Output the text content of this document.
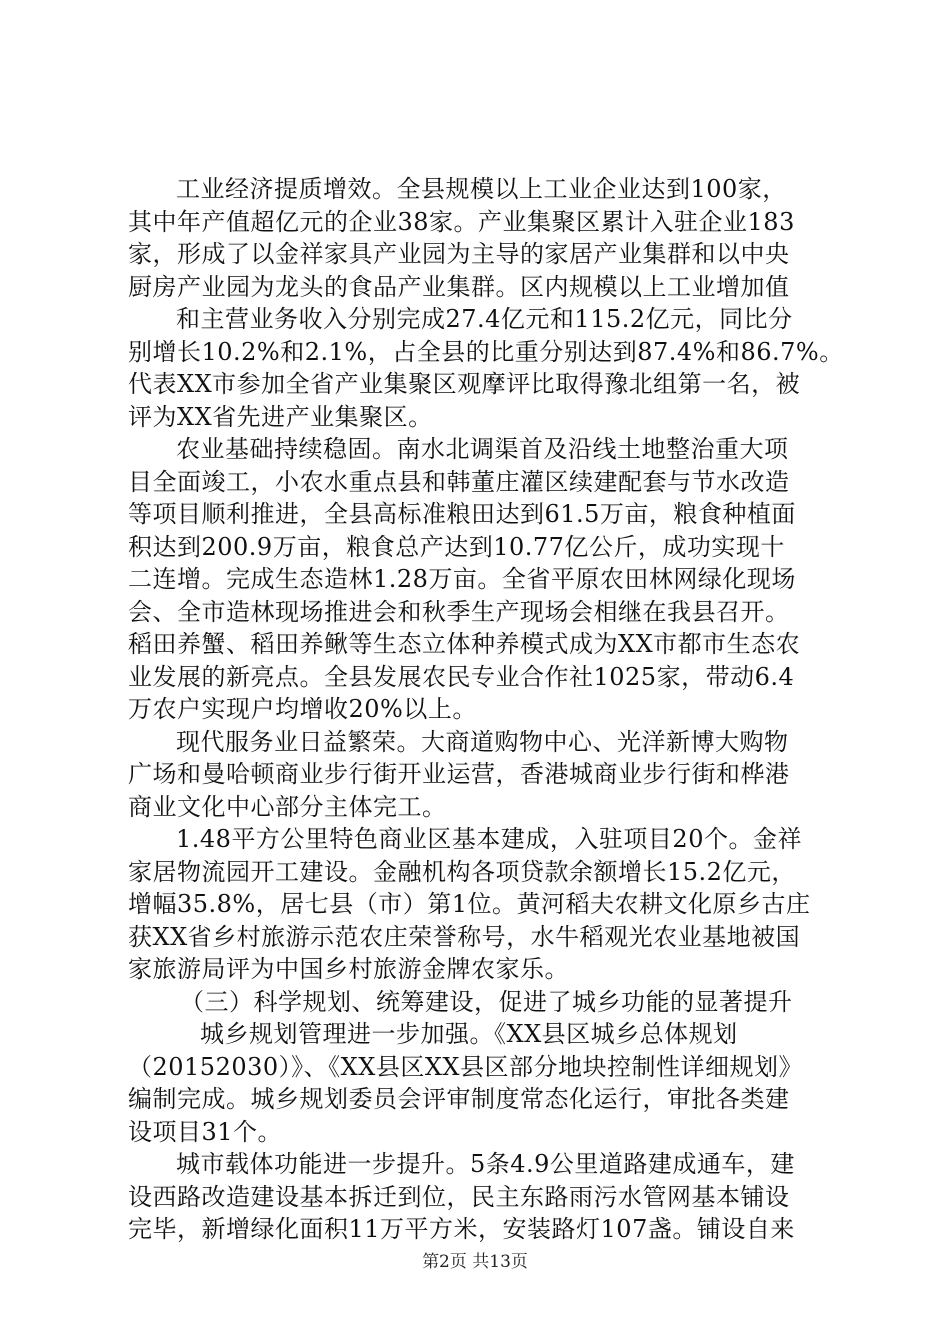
工业经济提质增效。全县规模以上工业企业达到100家，
其中年产值超亿元的企业38家。产业集聚区累计入驻企业183
家，形成了以金祥家具产业园为主导的家居产业集群和以中央
厨房产业园为龙头的食品产业集群。区内规模以上工业增加值
和主营业务收入分别完成27.4亿元和115.2亿元，同比分
别增长10.2%和2.1%，占全县的比重分别达到87.4%和86.7%。
代表XX市参加全省产业集聚区观摩评比取得豫北组第一名，被
评为XX省先进产业集聚区。
农业基础持续稳固。南水北调渠首及沿线土地整治重大项
目全面竣工，小农水重点县和韩董庄灌区续建配套与节水改造
等项目顺利推进，全县高标准粮田达到61.5万亩，粮食种植面
积达到200.9万亩，粮食总产达到10.77亿公斤，成功实现十
二连增。完成生态造林1.28万亩。全省平原农田林网绿化现场
会、全市造林现场推进会和秋季生产现场会相继在我县召开。
稻田养蟹、稻田养鳅等生态立体种养模式成为XX市都市生态农
业发展的新亮点。全县发展农民专业合作社1025家，带动6.4
万农户实现户均增收20%以上。
现代服务业日益繁荣。大商道购物中心、光洋新博大购物
广场和曼哈顿商业步行街开业运营，香港城商业步行街和桦港
商业文化中心部分主体完工。
1.48平方公里特色商业区基本建成，入驻项目20个。金祥
家居物流园开工建设。金融机构各项贷款余额增长15.2亿元，
增幅35.8%，居七县（市）第1位。黄河稻夫农耕文化原乡古庄
获XX省乡村旅游示范农庄荣誉称号，水牛稻观光农业基地被国
家旅游局评为中国乡村旅游金牌农家乐。
（三）科学规划、统筹建设，促进了城乡功能的显著提升
城乡规划管理进一步加强。《XX县区城乡总体规划
（20152030）》、《XX县区XX县区部分地块控制性详细规划》
编制完成。城乡规划委员会评审制度常态化运行，审批各类建
设项目31个。
城市载体功能进一步提升。5条4.9公里道路建成通车，建
设西路改造建设基本拆迁到位，民主东路雨污水管网基本铺设
完毕，新增绿化面积11万平方米，安装路灯107盏。铺设自来
第2页 共13页
